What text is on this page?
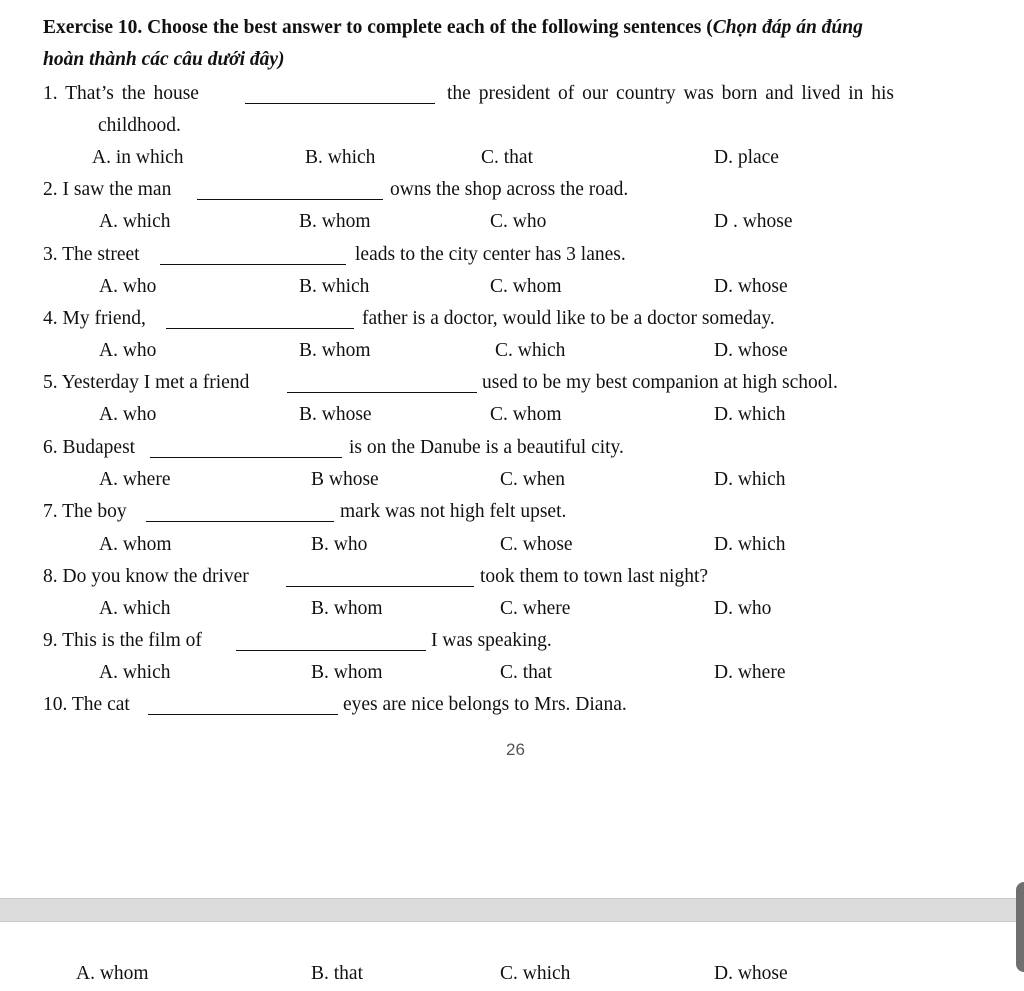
Exercise 10. Choose the best answer to complete each of the following sentences (Chọn đáp án đúng
hoàn thành các câu dưới đây)
1. That’s the house	the president of our country was born and lived in his
childhood.
A. in which	B. which	C. that	D. place
2. I saw the man	owns the shop across the road.
A. which	B. whom	C. who	D . whose
3. The street	leads to the city center has 3 lanes.
A. who	B. which	C. whom	D. whose
4. My friend,	father is a doctor, would like to be a doctor someday.
A. who	B. whom	C. which	D. whose
5. Yesterday I met a friend	used to be my best companion at high school.
A. who	B. whose	C. whom	D. which
6. Budapest	is on the Danube is a beautiful city.
A. where	B whose	C. when	D. which
7. The boy	mark was not high felt upset.
A. whom	B. who	C. whose	D. which
8. Do you know the driver	took them to town last night?
A. which	B. whom	C. where	D. who
9. This is the film of	I was speaking.
A. which	B. whom	C. that	D. where
10. The cat	eyes are nice belongs to Mrs. Diana.
26
A. whom	B. that	C. which	D. whose
